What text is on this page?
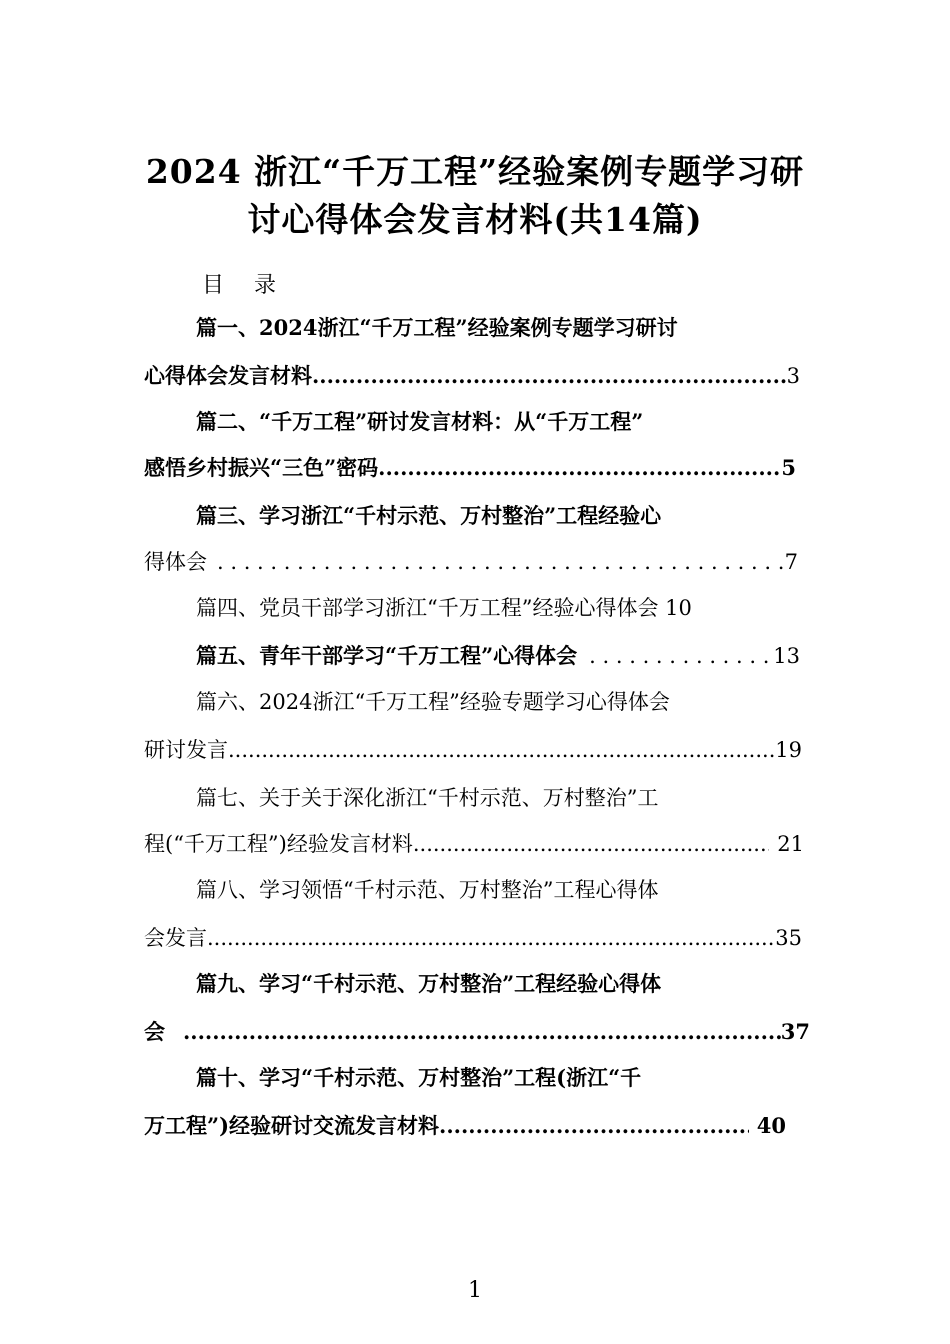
2024 浙江“千万工程”经验案例专题学习研
讨心得体会发言材料(共14篇)
目录
篇一、2024浙江“千万工程”经验案例专题学习研讨
心得体会发言材料 .....	3
篇二、“千万工程”研讨发言材料：从“千万工程”
感悟乡村振兴“三色”密码 .....	5
篇三、学习浙江“千村示范、万村整治”工程经验心
得体会 . . .	7
篇四、党员干部学习浙江“千万工程”经验心得体会 10
篇五、青年干部学习“千万工程”心得体会 . . .	13
篇六、2024浙江“千万工程”经验专题学习心得体会
研讨发言 .....	19
篇七、关于关于深化浙江“千村示范、万村整治”工
程(“千万工程”)经验发言材料 .....	21
篇八、学习领悟“千村示范、万村整治”工程心得体
会发言 .....	35
篇九、学习“千村示范、万村整治”工程经验心得体
会 .....	37
篇十、学习“千村示范、万村整治”工程(浙江“千
万工程”)经验研讨交流发言材料 .....	40
1
